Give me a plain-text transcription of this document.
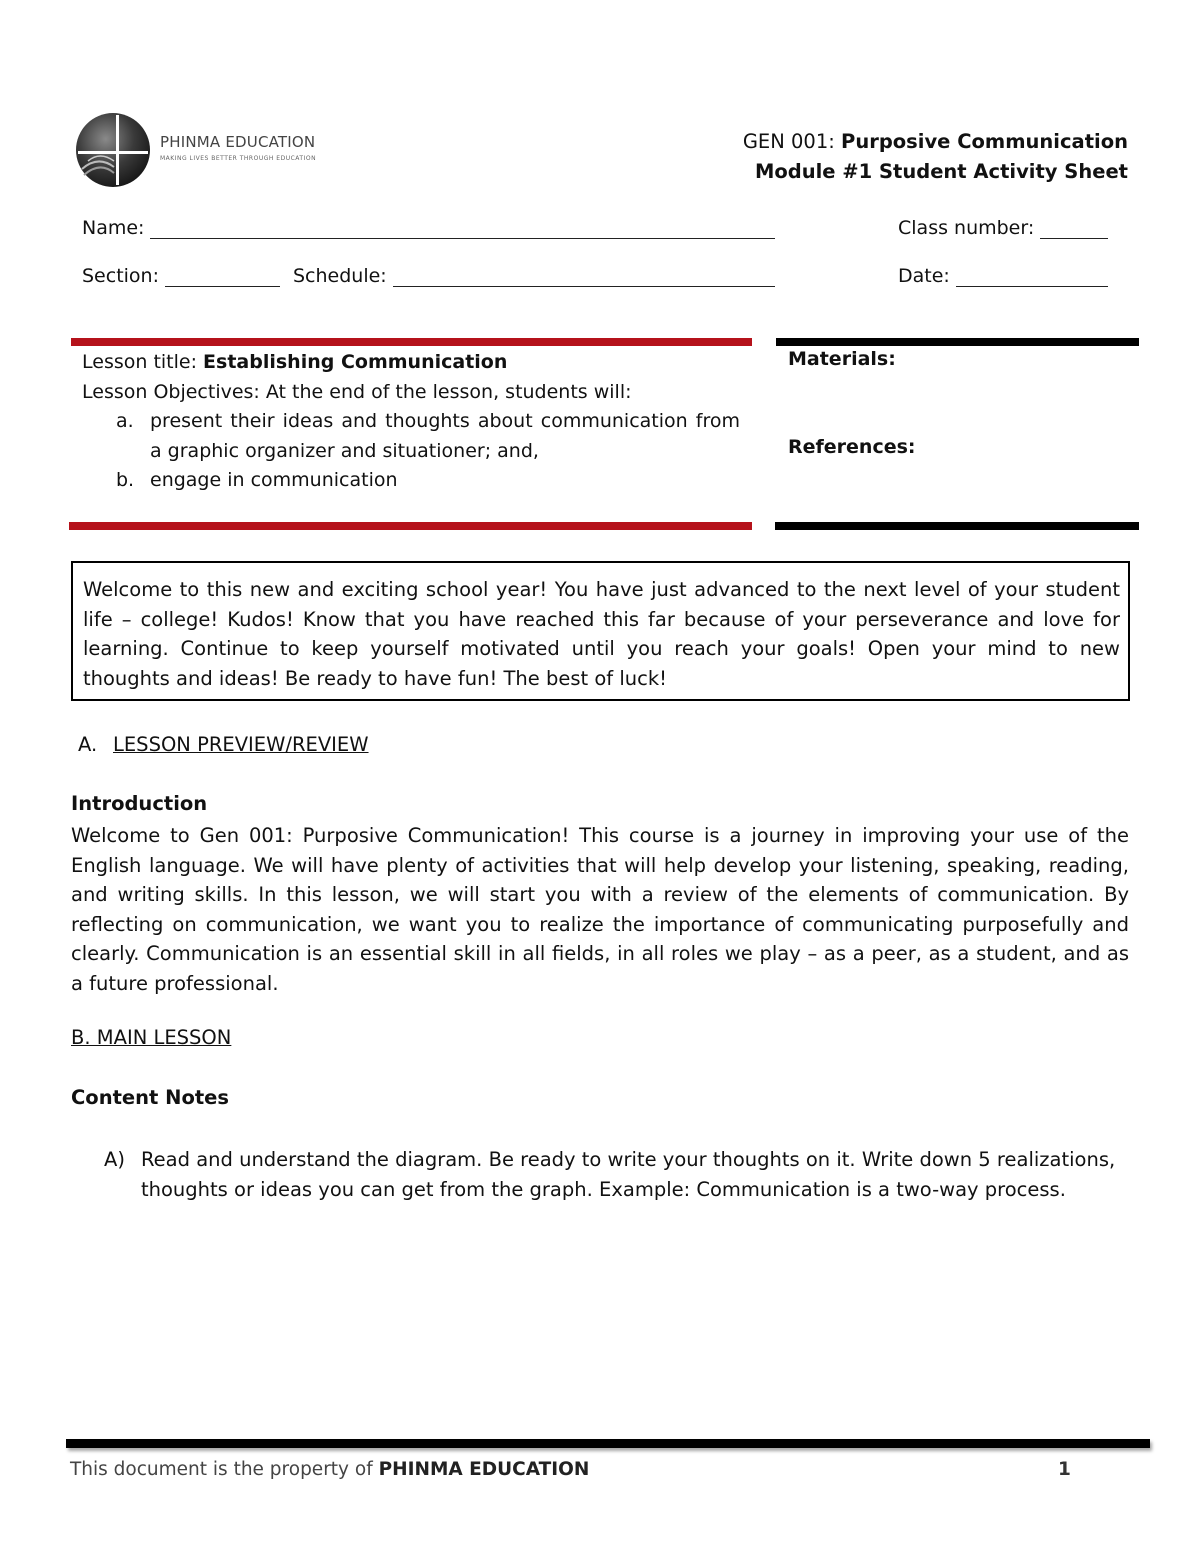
PHINMA EDUCATION
MAKING LIVES BETTER THROUGH EDUCATION
GEN 001: Purposive Communication
Module #1 Student Activity Sheet
Name:	Class number:
Section:	Schedule:	Date:
Lesson title: Establishing Communication
Lesson Objectives: At the end of the lesson, students will:
a. present their ideas and thoughts about communication from a graphic organizer and situationer; and,
b. engage in communication
Materials:
References:
Welcome to this new and exciting school year! You have just advanced to the next level of your student life – college! Kudos! Know that you have reached this far because of your perseverance and love for learning. Continue to keep yourself motivated until you reach your goals! Open your mind to new thoughts and ideas! Be ready to have fun! The best of luck!
A. LESSON PREVIEW/REVIEW
Introduction
Welcome to Gen 001: Purposive Communication! This course is a journey in improving your use of the English language. We will have plenty of activities that will help develop your listening, speaking, reading, and writing skills. In this lesson, we will start you with a review of the elements of communication. By reflecting on communication, we want you to realize the importance of communicating purposefully and clearly. Communication is an essential skill in all fields, in all roles we play – as a peer, as a student, and as a future professional.
B. MAIN LESSON
Content Notes
A) Read and understand the diagram. Be ready to write your thoughts on it. Write down 5 realizations, thoughts or ideas you can get from the graph. Example: Communication is a two-way process.
This document is the property of PHINMA EDUCATION	1
